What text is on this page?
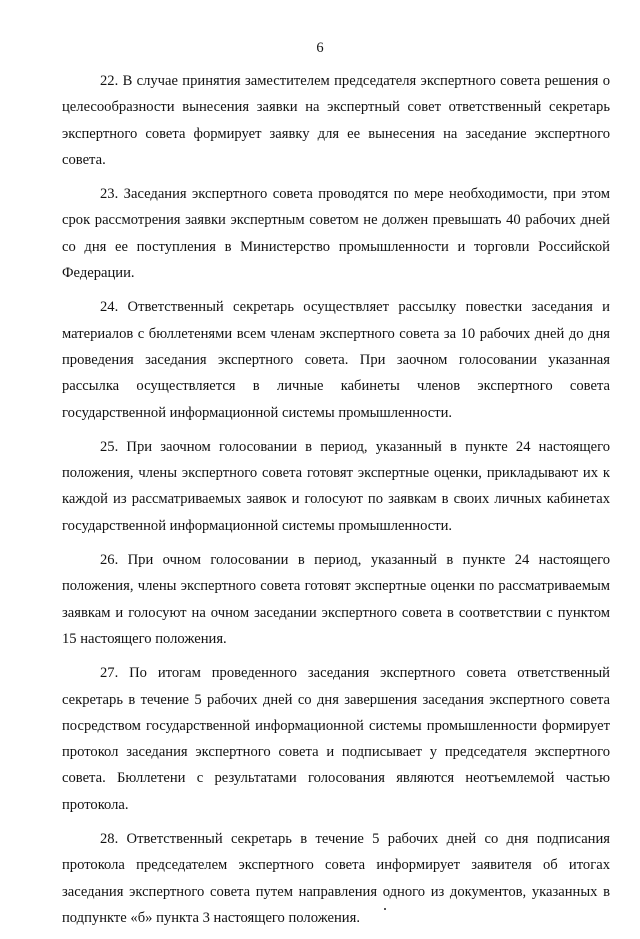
6

22. В случае принятия заместителем председателя экспертного совета решения о целесообразности вынесения заявки на экспертный совет ответственный секретарь экспертного совета формирует заявку для ее вынесения на заседание экспертного совета.

23. Заседания экспертного совета проводятся по мере необходимости, при этом срок рассмотрения заявки экспертным советом не должен превышать 40 рабочих дней со дня ее поступления в Министерство промышленности и торговли Российской Федерации.

24. Ответственный секретарь осуществляет рассылку повестки заседания и материалов с бюллетенями всем членам экспертного совета за 10 рабочих дней до дня проведения заседания экспертного совета. При заочном голосовании указанная рассылка осуществляется в личные кабинеты членов экспертного совета государственной информационной системы промышленности.

25. При заочном голосовании в период, указанный в пункте 24 настоящего положения, члены экспертного совета готовят экспертные оценки, прикладывают их к каждой из рассматриваемых заявок и голосуют по заявкам в своих личных кабинетах государственной информационной системы промышленности.

26. При очном голосовании в период, указанный в пункте 24 настоящего положения, члены экспертного совета готовят экспертные оценки по рассматриваемым заявкам и голосуют на очном заседании экспертного совета в соответствии с пунктом 15 настоящего положения.

27. По итогам проведенного заседания экспертного совета ответственный секретарь в течение 5 рабочих дней со дня завершения заседания экспертного совета посредством государственной информационной системы промышленности формирует протокол заседания экспертного совета и подписывает у председателя экспертного совета. Бюллетени с результатами голосования являются неотъемлемой частью протокола.

28. Ответственный секретарь в течение 5 рабочих дней со дня подписания протокола председателем экспертного совета информирует заявителя об итогах заседания экспертного совета путем направления одного из документов, указанных в подпункте «б» пункта 3 настоящего положения.
